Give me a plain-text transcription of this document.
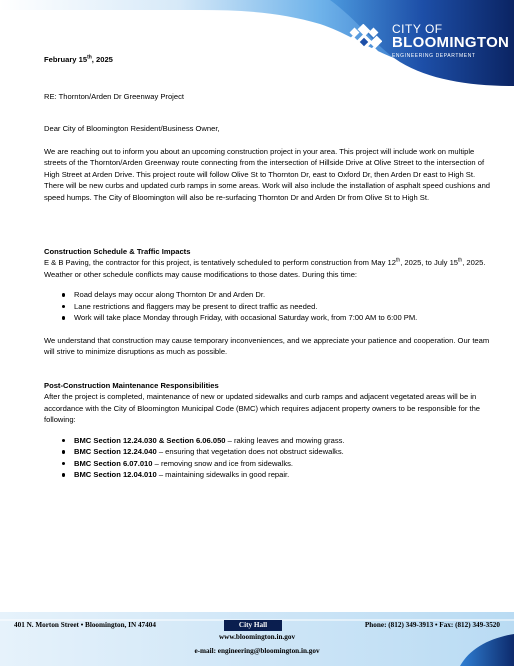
CITY OF
BLOOMINGTON
ENGINEERING DEPARTMENT

February 15th, 2025

RE: Thornton/Arden Dr Greenway Project

Dear City of Bloomington Resident/Business Owner,

We are reaching out to inform you about an upcoming construction project in your area. This project will include work on multiple streets of the Thornton/Arden Greenway route connecting from the intersection of Hillside Drive at Olive Street to the intersection of High Street at Arden Drive. This project route will follow Olive St to Thornton Dr, east to Oxford Dr, then Arden Dr east to High St. There will be new curbs and updated curb ramps in some areas. Work will also include the installation of asphalt speed cushions and speed humps. The City of Bloomington will also be re-surfacing Thornton Dr and Arden Dr from Olive St to High St.

Construction Schedule & Traffic Impacts

E & B Paving, the contractor for this project, is tentatively scheduled to perform construction from May 12th, 2025, to July 15th, 2025. Weather or other schedule conflicts may cause modifications to those dates. During this time:

Road delays may occur along Thornton Dr and Arden Dr.
Lane restrictions and flaggers may be present to direct traffic as needed.
Work will take place Monday through Friday, with occasional Saturday work, from 7:00 AM to 6:00 PM.

We understand that construction may cause temporary inconveniences, and we appreciate your patience and cooperation. Our team will strive to minimize disruptions as much as possible.

Post-Construction Maintenance Responsibilities

After the project is completed, maintenance of new or updated sidewalks and curb ramps and adjacent vegetated areas will be in accordance with the City of Bloomington Municipal Code (BMC) which requires adjacent property owners to be responsible for the following:

BMC Section 12.24.030 & Section 6.06.050 – raking leaves and mowing grass.
BMC Section 12.24.040 – ensuring that vegetation does not obstruct sidewalks.
BMC Section 6.07.010 – removing snow and ice from sidewalks.
BMC Section 12.04.010 – maintaining sidewalks in good repair.
401 N. Morton Street • Bloomington, IN 47404	City Hall	Phone: (812) 349-3913 • Fax: (812) 349-3520
www.bloomington.in.gov
e-mail: engineering@bloomington.in.gov
